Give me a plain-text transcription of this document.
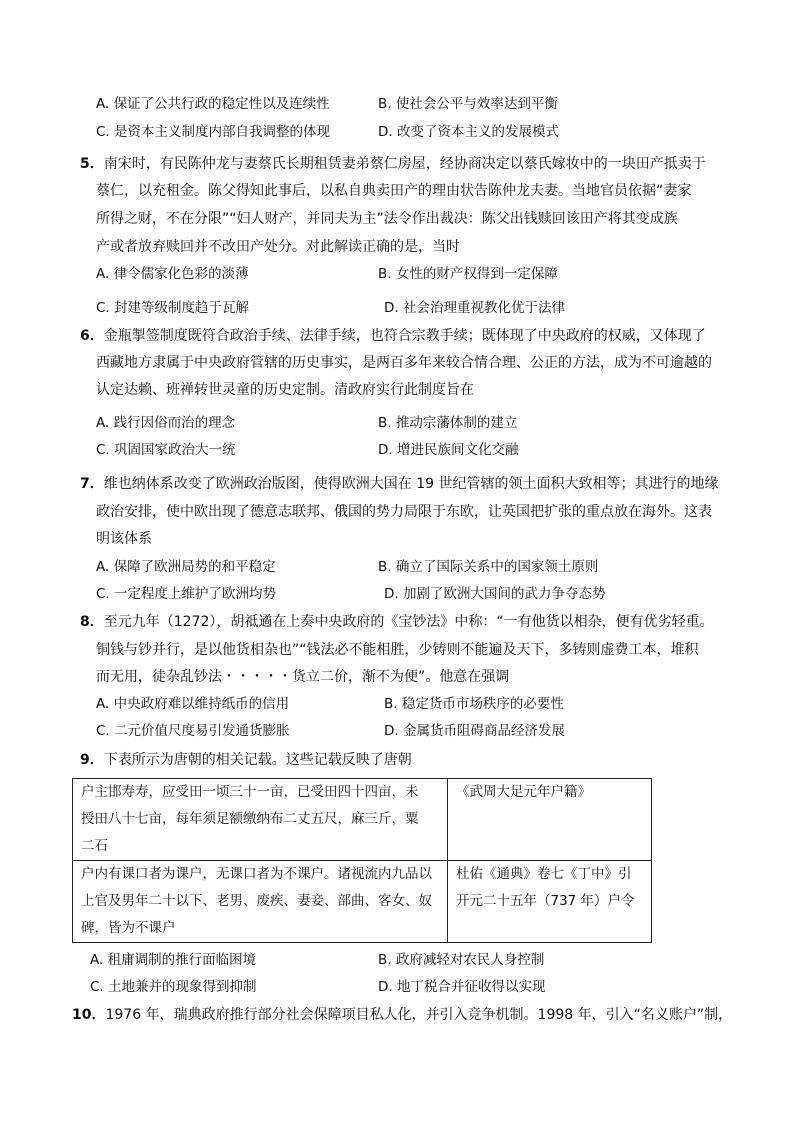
A. 保证了公共行政的稳定性以及连续性	B. 使社会公平与效率达到平衡
C. 是资本主义制度内部自我调整的体现	D. 改变了资本主义的发展模式
5．南宋时，有民陈仲龙与妻蔡氏长期租赁妻弟蔡仁房屋，经协商决定以蔡氏嫁妆中的一块田产抵卖于
蔡仁，以充租金。陈父得知此事后，以私自典卖田产的理由状告陈仲龙夫妻。当地官员依据“妻家
所得之财，不在分限”“妇人财产，并同夫为主”法令作出裁决：陈父出钱赎回该田产将其变成族
产或者放弃赎回并不改田产处分。对此解读正确的是，当时
A. 律令儒家化色彩的淡薄	B. 女性的财产权得到一定保障
C. 封建等级制度趋于瓦解	D. 社会治理重视教化优于法律
6．金瓶掣签制度既符合政治手续、法律手续，也符合宗教手续；既体现了中央政府的权威，又体现了
西藏地方隶属于中央政府管辖的历史事实，是两百多年来较合情合理、公正的方法，成为不可逾越的
认定达赖、班禅转世灵童的历史定制。清政府实行此制度旨在
A. 践行因俗而治的理念	B. 推动宗藩体制的建立
C. 巩固国家政治大一统	D. 增进民族间文化交融
7．维也纳体系改变了欧洲政治版图，使得欧洲大国在 19 世纪管辖的领土面积大致相等；其进行的地缘
政治安排，使中欧出现了德意志联邦、俄国的势力局限于东欧，让英国把扩张的重点放在海外。这表
明该体系
A. 保障了欧洲局势的和平稳定	B. 确立了国际关系中的国家领土原则
C. 一定程度上维护了欧洲均势	D. 加剧了欧洲大国间的武力争夺态势
8．至元九年（1272），胡祗遹在上奏中央政府的《宝钞法》中称：“一有他货以相杂，便有优劣轻重。
铜钱与钞并行，是以他货相杂也”“钱法必不能相胜，少铸则不能遍及天下，多铸则虚费工本，堆积
而无用，徒杂乱钞法・・・・・货立二价，渐不为便”。他意在强调
A. 中央政府难以维持纸币的信用	B. 稳定货币市场秩序的必要性
C. 二元价值尺度易引发通货膨胀	D. 金属货币阻碍商品经济发展
9．下表所示为唐朝的相关记载。这些记载反映了唐朝
户主邯寿寿，应受田一顷三十一亩，已受田四十四亩，未
授田八十七亩，每年须足额缴纳布二丈五尺，麻三斤，粟
二石	《武周大足元年户籍》

户内有课口者为课户，无课口者为不课户。诸视流内九品以
上官及男年二十以下、老男、废疾、妻妾、部曲、客女、奴
碑，皆为不课户	杜佑《通典》卷七《丁中》引
开元二十五年（737 年）户令
A. 租庸调制的推行面临困境	B. 政府减轻对农民人身控制
C. 土地兼并的现象得到抑制	D. 地丁税合并征收得以实现
10．1976 年，瑞典政府推行部分社会保障项目私人化，并引入竞争机制。1998 年，引入“名义账户”制，
